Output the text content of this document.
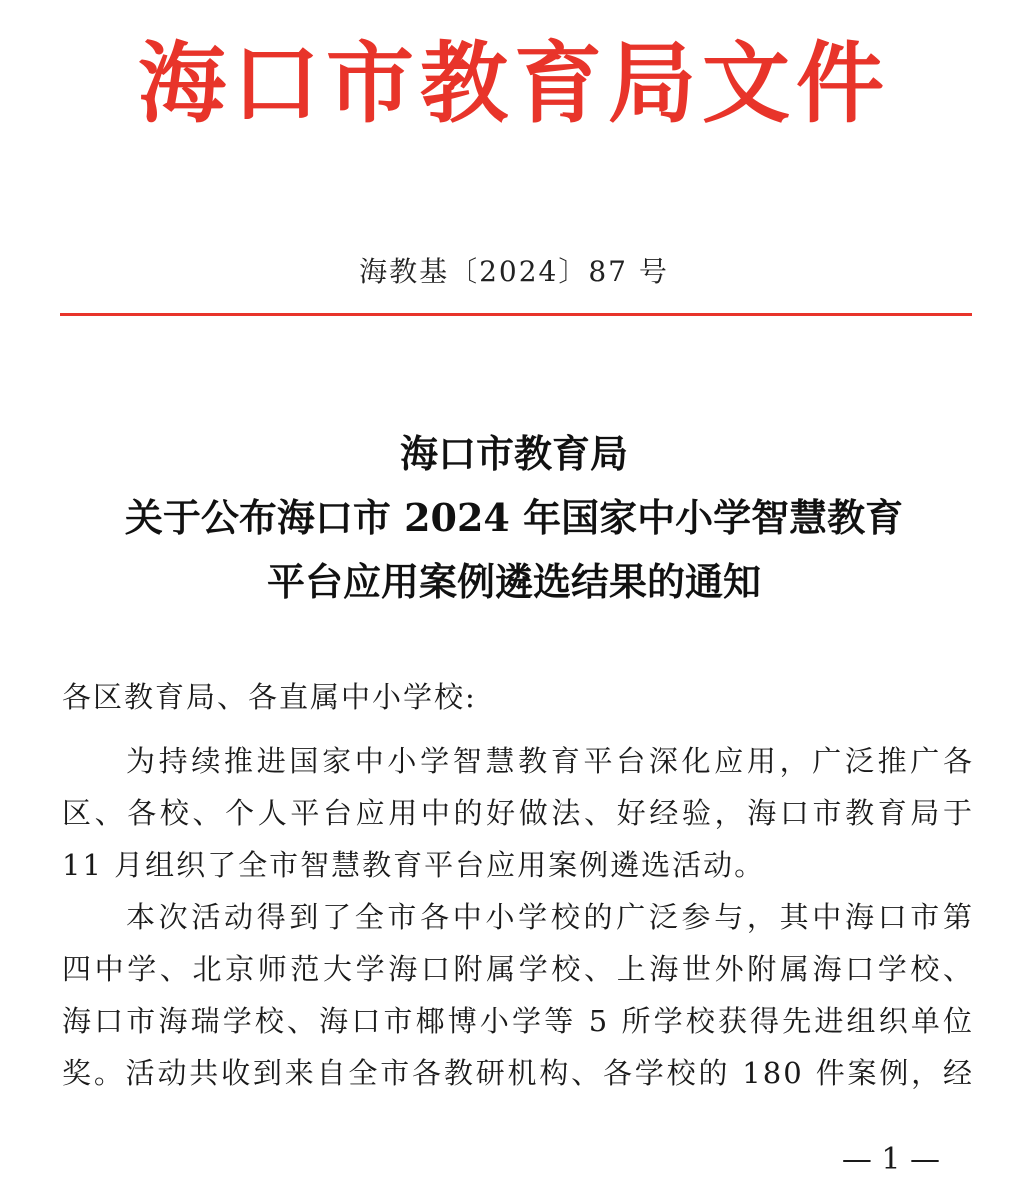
海口市教育局文件
海教基〔2024〕87 号
海口市教育局
关于公布海口市 2024 年国家中小学智慧教育
平台应用案例遴选结果的通知
各区教育局、各直属中小学校:
为持续推进国家中小学智慧教育平台深化应用，广泛推广各
区、各校、个人平台应用中的好做法、好经验，海口市教育局于
11 月组织了全市智慧教育平台应用案例遴选活动。
本次活动得到了全市各中小学校的广泛参与，其中海口市第
四中学、北京师范大学海口附属学校、上海世外附属海口学校、
海口市海瑞学校、海口市椰博小学等 5 所学校获得先进组织单位
奖。活动共收到来自全市各教研机构、各学校的 180 件案例，经
— 1 —
